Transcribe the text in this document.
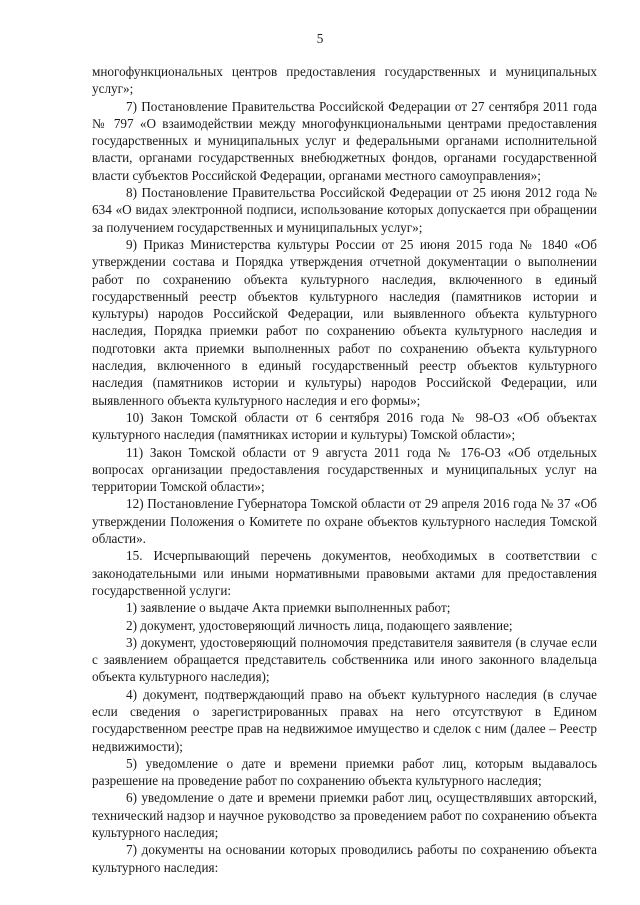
5

многофункциональных центров предоставления государственных и муниципальных услуг»;

7) Постановление Правительства Российской Федерации от 27 сентября 2011 года № 797 «О взаимодействии между многофункциональными центрами предоставления государственных и муниципальных услуг и федеральными органами исполнительной власти, органами государственных внебюджетных фондов, органами государственной власти субъектов Российской Федерации, органами местного самоуправления»;

8) Постановление Правительства Российской Федерации от 25 июня 2012 года № 634 «О видах электронной подписи, использование которых допускается при обращении за получением государственных и муниципальных услуг»;

9) Приказ Министерства культуры России от 25 июня 2015 года № 1840 «Об утверждении состава и Порядка утверждения отчетной документации о выполнении работ по сохранению объекта культурного наследия, включенного в единый государственный реестр объектов культурного наследия (памятников истории и культуры) народов Российской Федерации, или выявленного объекта культурного наследия, Порядка приемки работ по сохранению объекта культурного наследия и подготовки акта приемки выполненных работ по сохранению объекта культурного наследия, включенного в единый государственный реестр объектов культурного наследия (памятников истории и культуры) народов Российской Федерации, или выявленного объекта культурного наследия и его формы»;

10) Закон Томской области от 6 сентября 2016 года № 98-ОЗ «Об объектах культурного наследия (памятниках истории и культуры) Томской области»;

11) Закон Томской области от 9 августа 2011 года № 176-ОЗ «Об отдельных вопросах организации предоставления государственных и муниципальных услуг на территории Томской области»;

12) Постановление Губернатора Томской области от 29 апреля 2016 года № 37 «Об утверждении Положения о Комитете по охране объектов культурного наследия Томской области».

15. Исчерпывающий перечень документов, необходимых в соответствии с законодательными или иными нормативными правовыми актами для предоставления государственной услуги:

1) заявление о выдаче Акта приемки выполненных работ;

2) документ, удостоверяющий личность лица, подающего заявление;

3) документ, удостоверяющий полномочия представителя заявителя (в случае если с заявлением обращается представитель собственника или иного законного владельца объекта культурного наследия);

4) документ, подтверждающий право на объект культурного наследия (в случае если сведения о зарегистрированных правах на него отсутствуют в Едином государственном реестре прав на недвижимое имущество и сделок с ним (далее – Реестр недвижимости);

5) уведомление о дате и времени приемки работ лиц, которым выдавалось разрешение на проведение работ по сохранению объекта культурного наследия;

6) уведомление о дате и времени приемки работ лиц, осуществлявших авторский, технический надзор и научное руководство за проведением работ по сохранению объекта культурного наследия;

7) документы на основании которых проводились работы по сохранению объекта культурного наследия:
